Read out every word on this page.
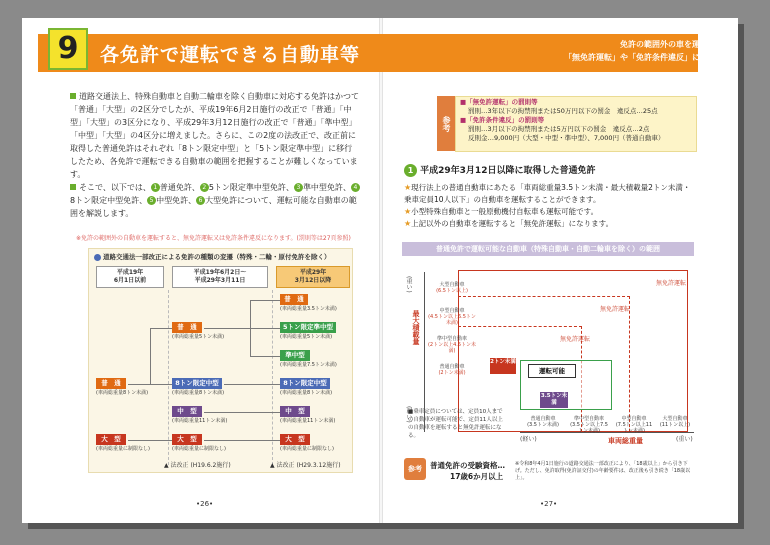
9	各免許で運転できる自動車等	免許の範囲外の車を運転すると、
「無免許運転」や「免許条件違反」になります！
道路交通法上、特殊自動車と自動二輪車を除く自動車に対応する免許はかつて「普通」「大型」の2区分でしたが、平成19年6月2日施行の改正で「普通」「中型」「大型」の3区分になり、平成29年3月12日施行の改正で「普通」「準中型」「中型」「大型」の4区分に増えました。さらに、この2度の法改正で、改正前に取得した普通免許はそれぞれ「8トン限定中型」と「5トン限定準中型」に移行したため、各免許で運転できる自動車の範囲を把握することが難しくなっています。
そこで、以下では、 1 普通免許、 2 5トン限定準中型免許、 3 準中型免許、 48トン限定中型免許、 5 中型免許、 6 大型免許について、運転可能な自動車の範囲を解説します。
※免許の範囲外の自動車を運転すると、無免許運転又は免許条件違反になります。(罰則等は27頁参照)
道路交通法一部改正による免許の種類の変遷（特殊・二輪・原付免許を除く）
平成19年
6月1日以前
平成19年6月2日～
平成29年3月11日
平成29年
3月12日以降
普　通
(車両総重量3.5トン未満)
5トン限定準中型
(車両総重量5トン未満)
準中型
(車両総重量7.5トン未満)
8トン限定中型
(車両総重量8トン未満)
中　型
(車両総重量11トン未満)
大　型
(車両総重量に制限なし)
普　通
(車両総重量5トン未満)
8トン限定中型
(車両総重量8トン未満)
中　型
(車両総重量11トン未満)
大　型
(車両総重量に制限なし)
普　通
(車両総重量8トン未満)
大　型
(車両総重量に制限なし)
▲ 法改正 (H19.6.2施行)	▲ 法改正 (H29.3.12施行)
•26•
参考
■「無免許運転」の罰則等
罰則…3年以下の拘禁刑または50万円以下の罰金　違反点…25点
■「免許条件違反」の罰則等
罰則…3月以下の拘禁刑または5万円以下の罰金　違反点…2点
反則金…9,000円（大型・中型・準中型）、7,000円（普通自動車）
1 平成29年3月12日以降に取得した普通免許
★現行法上の普通自動車にあたる「車両総重量3.5トン未満・最大積載量2トン未満・乗車定員10人以下」の自動車を運転することができます。
★小型特殊自動車と一般原動機付自転車も運転可能です。
★上記以外の自動車を運転すると「無免許運転」になります。
普通免許で運転可能な自動車（特殊自動車・自動二輪車を除く）の範囲
無免許運転
無免許運転
無免許運転
(重い)
(軽い)
最大積載量
大型自動車
(6.5トン以上)
中型自動車
(4.5トン以上6.5トン未満)
準中型自動車
(2トン以上4.5トン未満)
普通自動車
(2トン未満)
2トン未満
運転可能
3.5トン未満
普通自動車
(3.5トン未満)
準中型自動車
(3.5トン以上7.5トン未満)
中型自動車
(7.5トン以上11トン未満)
大型自動車
(11トン以上)
車両総重量
(軽い)	(重い)
■乗車定員については、定員10人までの自動車が運転可能で、定員11人以上の自動車を運転すると無免許運転になる。
参考	普通免許の受験資格…
17歳6か月以上
※令和8年4月1日施行の道路交通法一部改正により、「18歳以上」から引き下げ。ただし、免許取得(免許証交付)の年齢要件は、改正後も引き続き「18歳以上」。
•27•
